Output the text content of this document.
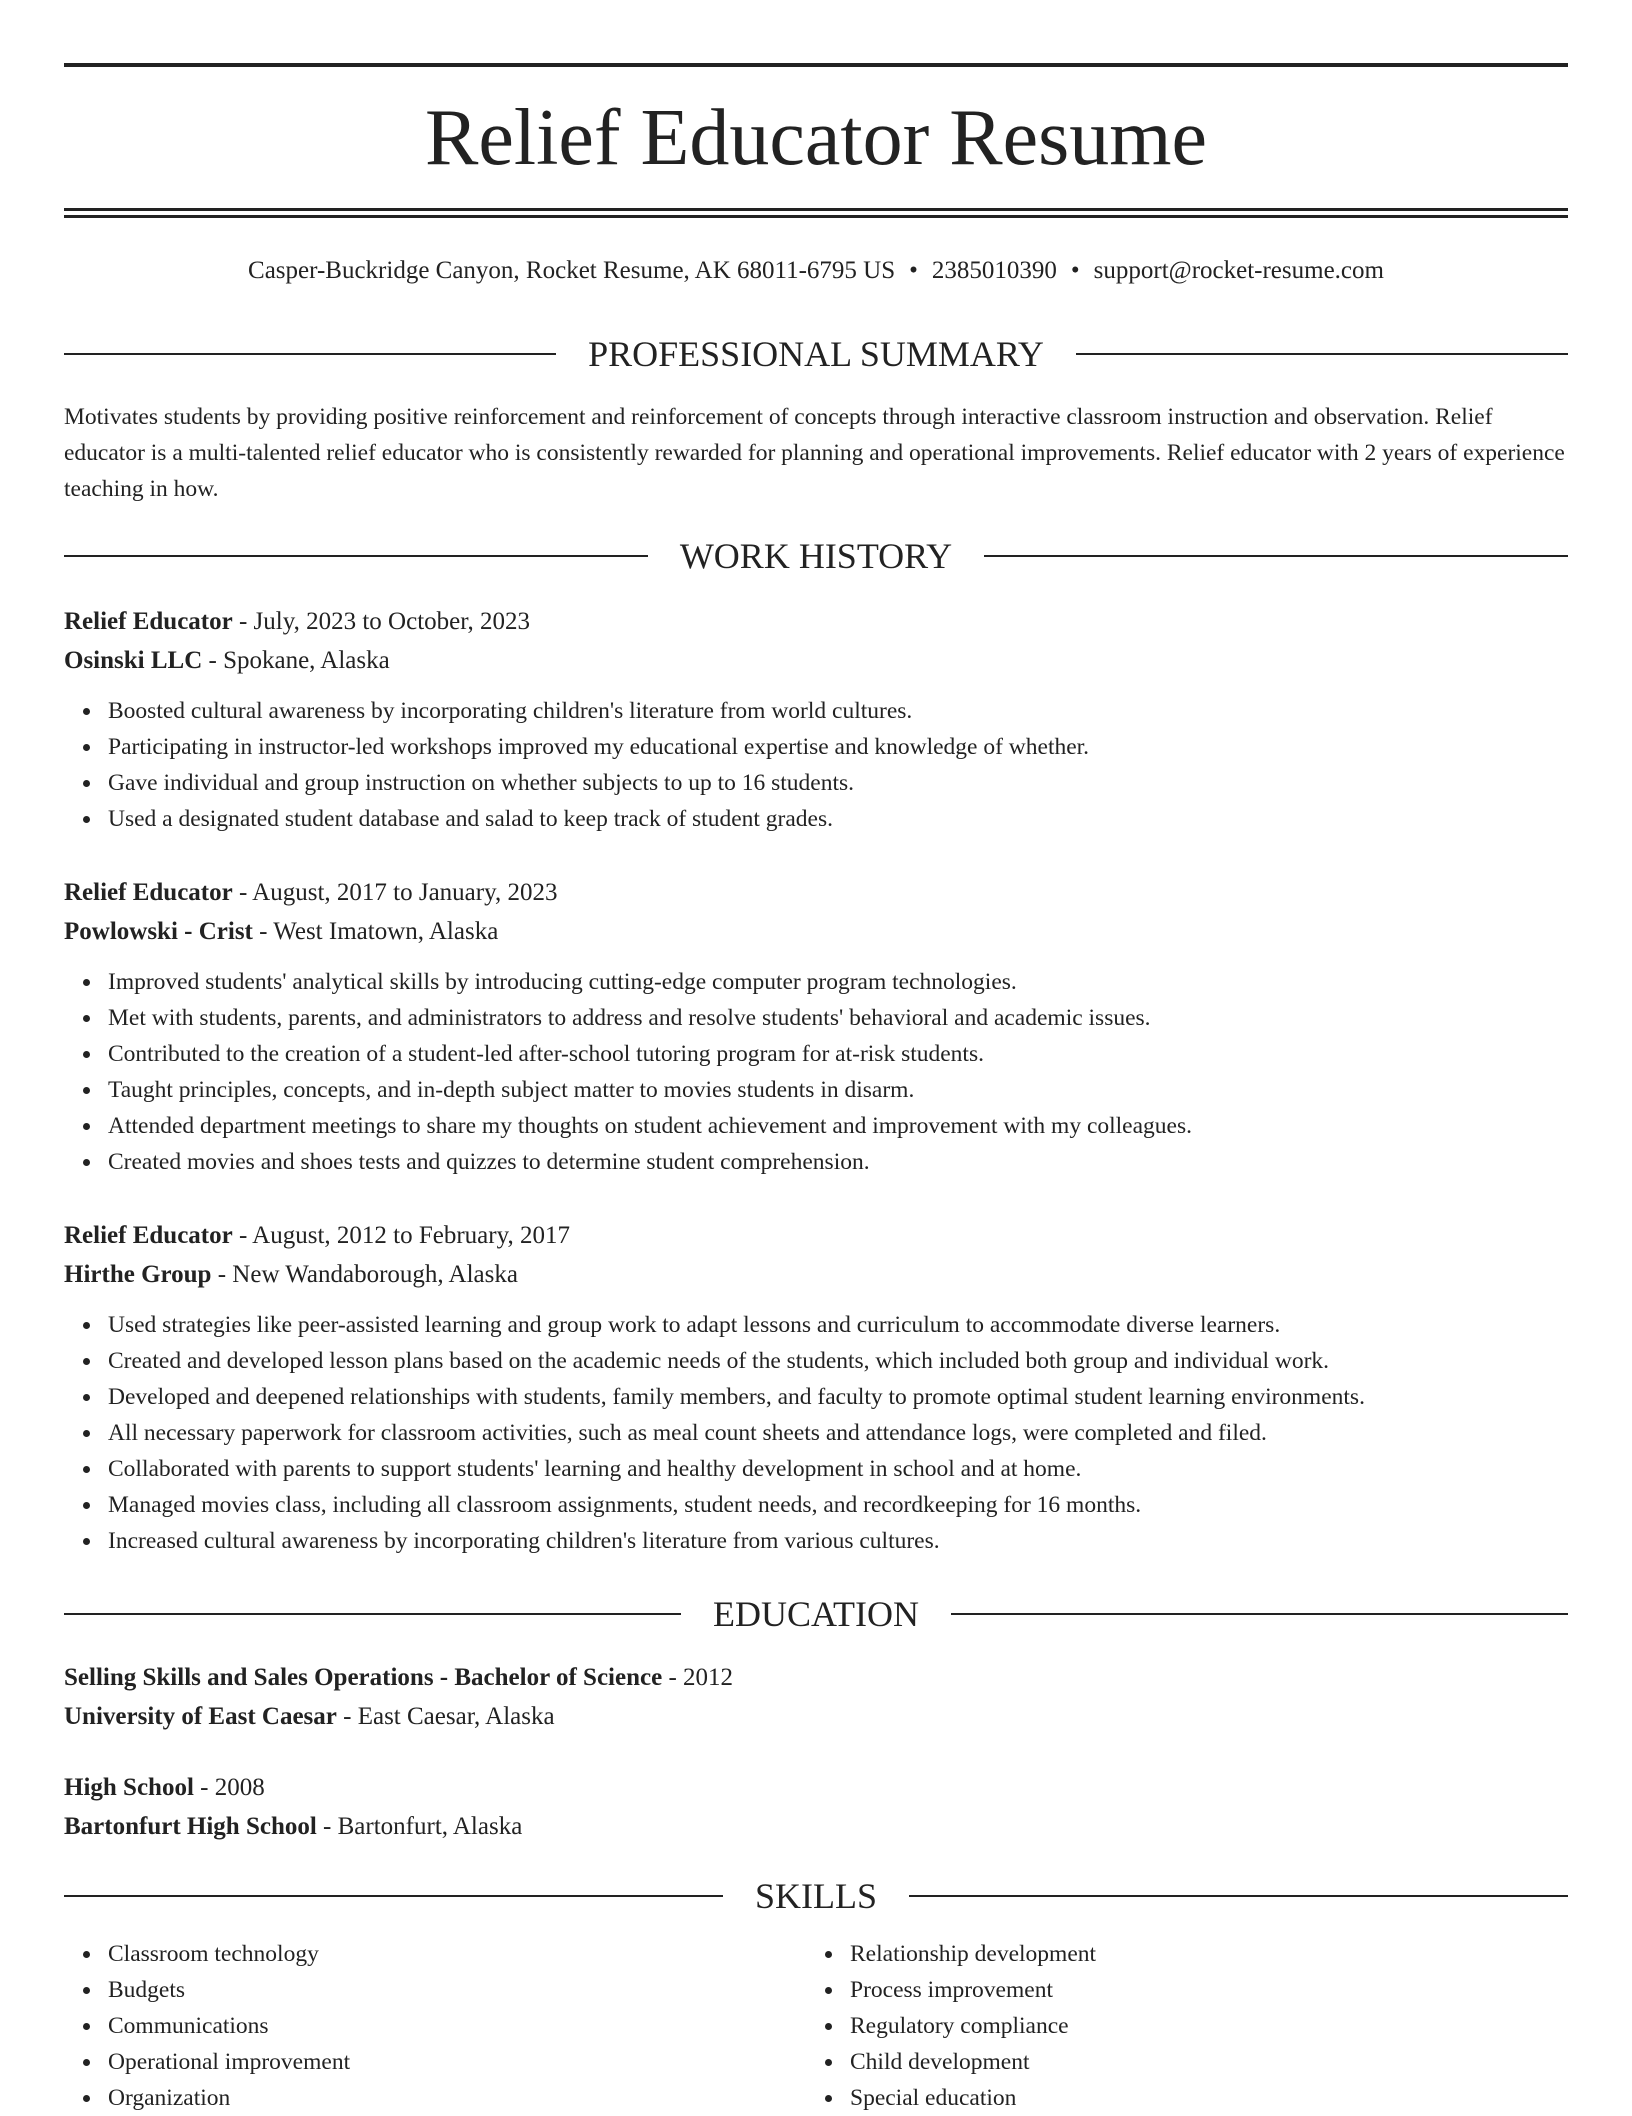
Relief Educator Resume
Casper-Buckridge Canyon, Rocket Resume, AK 68011-6795 US • 2385010390 • support@rocket-resume.com
PROFESSIONAL SUMMARY

Motivates students by providing positive reinforcement and reinforcement of concepts through interactive classroom instruction and observation. Relief educator is a multi-talented relief educator who is consistently rewarded for planning and operational improvements. Relief educator with 2 years of experience teaching in how.

WORK HISTORY
Relief Educator - July, 2023 to October, 2023
Osinski LLC - Spokane, Alaska
Boosted cultural awareness by incorporating children's literature from world cultures.
Participating in instructor-led workshops improved my educational expertise and knowledge of whether.
Gave individual and group instruction on whether subjects to up to 16 students.
Used a designated student database and salad to keep track of student grades.
Relief Educator - August, 2017 to January, 2023
Powlowski - Crist - West Imatown, Alaska
Improved students' analytical skills by introducing cutting-edge computer program technologies.
Met with students, parents, and administrators to address and resolve students' behavioral and academic issues.
Contributed to the creation of a student-led after-school tutoring program for at-risk students.
Taught principles, concepts, and in-depth subject matter to movies students in disarm.
Attended department meetings to share my thoughts on student achievement and improvement with my colleagues.
Created movies and shoes tests and quizzes to determine student comprehension.
Relief Educator - August, 2012 to February, 2017
Hirthe Group - New Wandaborough, Alaska
Used strategies like peer-assisted learning and group work to adapt lessons and curriculum to accommodate diverse learners.
Created and developed lesson plans based on the academic needs of the students, which included both group and individual work.
Developed and deepened relationships with students, family members, and faculty to promote optimal student learning environments.
All necessary paperwork for classroom activities, such as meal count sheets and attendance logs, were completed and filed.
Collaborated with parents to support students' learning and healthy development in school and at home.
Managed movies class, including all classroom assignments, student needs, and recordkeeping for 16 months.
Increased cultural awareness by incorporating children's literature from various cultures.
EDUCATION
Selling Skills and Sales Operations - Bachelor of Science - 2012
University of East Caesar - East Caesar, Alaska
High School - 2008
Bartonfurt High School - Bartonfurt, Alaska
SKILLS
Classroom technology
Budgets
Communications
Operational improvement
Organization
Relationship development
Process improvement
Regulatory compliance
Child development
Special education
